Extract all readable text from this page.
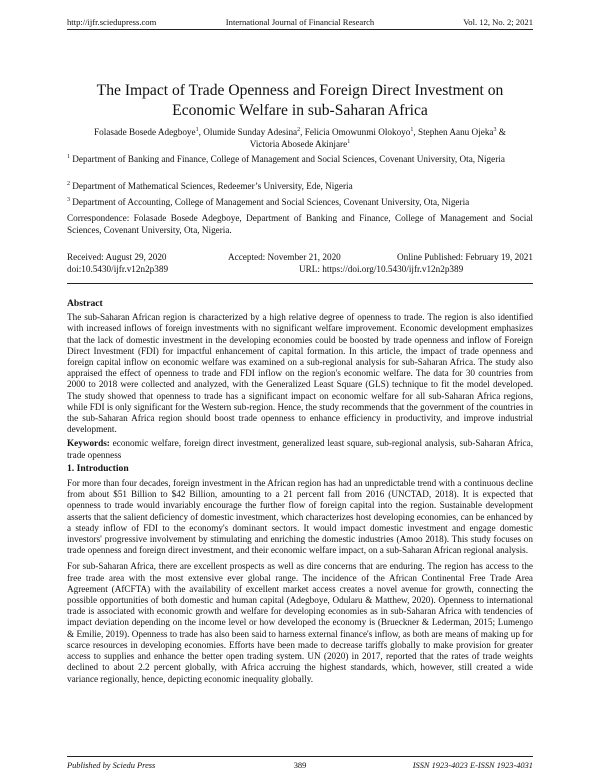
http://ijfr.sciedupress.com	International Journal of Financial Research	Vol. 12, No. 2; 2021
The Impact of Trade Openness and Foreign Direct Investment on Economic Welfare in sub-Saharan Africa
Folasade Bosede Adegboye$^1$, Olumide Sunday Adesina$^2$, Felicia Omowunmi Olokoyo$^1$, Stephen Aanu Ojeka$^3$ &
Victoria Abosede Akinjare$^1$
$^1$ Department of Banking and Finance, College of Management and Social Sciences, Covenant University, Ota, Nigeria
$^2$ Department of Mathematical Sciences, Redeemer’s University, Ede, Nigeria
$^3$ Department of Accounting, College of Management and Social Sciences, Covenant University, Ota, Nigeria
Correspondence: Folasade Bosede Adegboye, Department of Banking and Finance, College of Management and Social Sciences, Covenant University, Ota, Nigeria.
Received: August 29, 2020	Accepted: November 21, 2020	Online Published: February 19, 2021
doi:10.5430/ijfr.v12n2p389	URL: https://doi.org/10.5430/ijfr.v12n2p389
Abstract
The sub-Saharan African region is characterized by a high relative degree of openness to trade. The region is also identified with increased inflows of foreign investments with no significant welfare improvement. Economic development emphasizes that the lack of domestic investment in the developing economies could be boosted by trade openness and inflow of Foreign Direct Investment (FDI) for impactful enhancement of capital formation. In this article, the impact of trade openness and foreign capital inflow on economic welfare was examined on a sub-regional analysis for sub-Saharan Africa. The study also appraised the effect of openness to trade and FDI inflow on the region's economic welfare. The data for 30 countries from 2000 to 2018 were collected and analyzed, with the Generalized Least Square (GLS) technique to fit the model developed. The study showed that openness to trade has a significant impact on economic welfare for all sub-Saharan Africa regions, while FDI is only significant for the Western sub-region. Hence, the study recommends that the government of the countries in the sub-Saharan Africa region should boost trade openness to enhance efficiency in productivity, and improve industrial development.
Keywords: economic welfare, foreign direct investment, generalized least square, sub-regional analysis, sub-Saharan Africa, trade openness
1. Introduction
For more than four decades, foreign investment in the African region has had an unpredictable trend with a continuous decline from about $51 Billion to $42 Billion, amounting to a 21 percent fall from 2016 (UNCTAD, 2018). It is expected that openness to trade would invariably encourage the further flow of foreign capital into the region. Sustainable development asserts that the salient deficiency of domestic investment, which characterizes host developing economies, can be enhanced by a steady inflow of FDI to the economy's dominant sectors. It would impact domestic investment and engage domestic investors' progressive involvement by stimulating and enriching the domestic industries (Amoo 2018). This study focuses on trade openness and foreign direct investment, and their economic welfare impact, on a sub-Saharan African regional analysis.
For sub-Saharan Africa, there are excellent prospects as well as dire concerns that are enduring. The region has access to the free trade area with the most extensive ever global range. The incidence of the African Continental Free Trade Area Agreement (AfCFTA) with the availability of excellent market access creates a novel avenue for growth, connecting the possible opportunities of both domestic and human capital (Adegboye, Odularu & Matthew, 2020). Openness to international trade is associated with economic growth and welfare for developing economies as in sub-Saharan Africa with tendencies of impact deviation depending on the income level or how developed the economy is (Brueckner & Lederman, 2015; Lumengo & Emilie, 2019). Openness to trade has also been said to harness external finance's inflow, as both are means of making up for scarce resources in developing economies. Efforts have been made to decrease tariffs globally to make provision for greater access to supplies and enhance the better open trading system. UN (2020) in 2017, reported that the rates of trade weights declined to about 2.2 percent globally, with Africa accruing the highest standards, which, however, still created a wide variance regionally, hence, depicting economic inequality globally.
Published by Sciedu Press	389	ISSN 1923-4023 E-ISSN 1923-4031
